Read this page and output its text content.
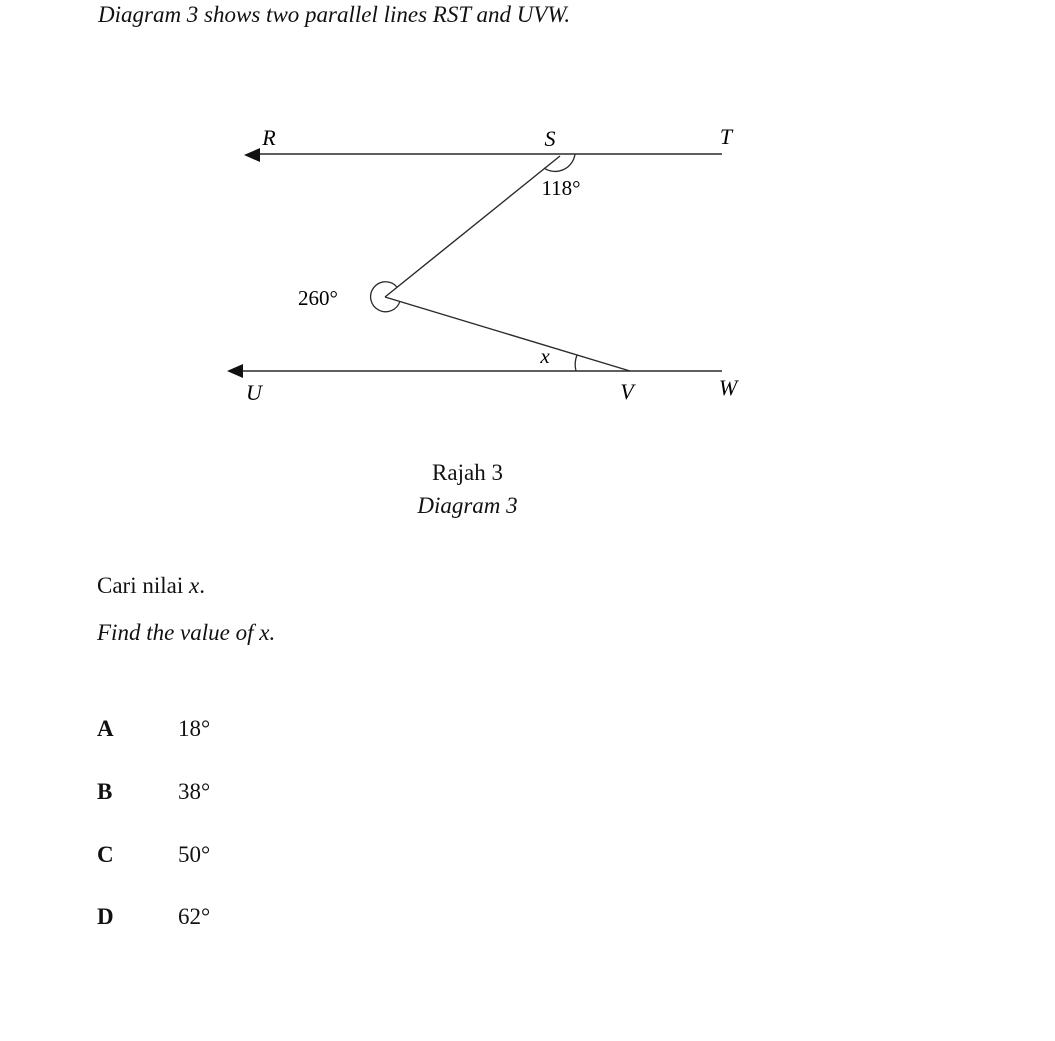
Diagram 3 shows two parallel lines RST and UVW.
R	S	T
U	V	W
118°
260°
x
Rajah 3
Diagram 3
Cari nilai x.
Find the value of x.
A	18°
B	38°
C	50°
D	62°
